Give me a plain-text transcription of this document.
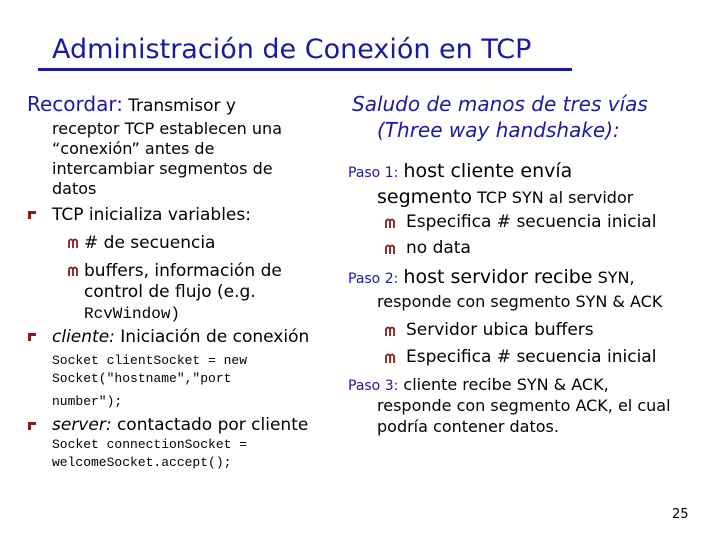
Administración de Conexión en TCP
Recordar: Transmisor y
receptor TCP establecen una
“conexión” antes de
intercambiar segmentos de
datos
TCP inicializa variables:
# de secuencia
buffers, información de
control de flujo (e.g.
RcvWindow)
cliente: Iniciación de conexión
Socket clientSocket = new
Socket("hostname","port
number");
server: contactado por cliente
Socket connectionSocket =
welcomeSocket.accept();
Saludo de manos de tres vías
(Three way handshake):
Paso 1: host cliente envía
segmento TCP SYN al servidor
Especifica # secuencia inicial
no data
Paso 2: host servidor recibe SYN,
responde con segmento SYN & ACK
Servidor ubica buffers
Especifica # secuencia inicial
Paso 3: cliente recibe SYN & ACK,
responde con segmento ACK, el cual
podría contener datos.
25
